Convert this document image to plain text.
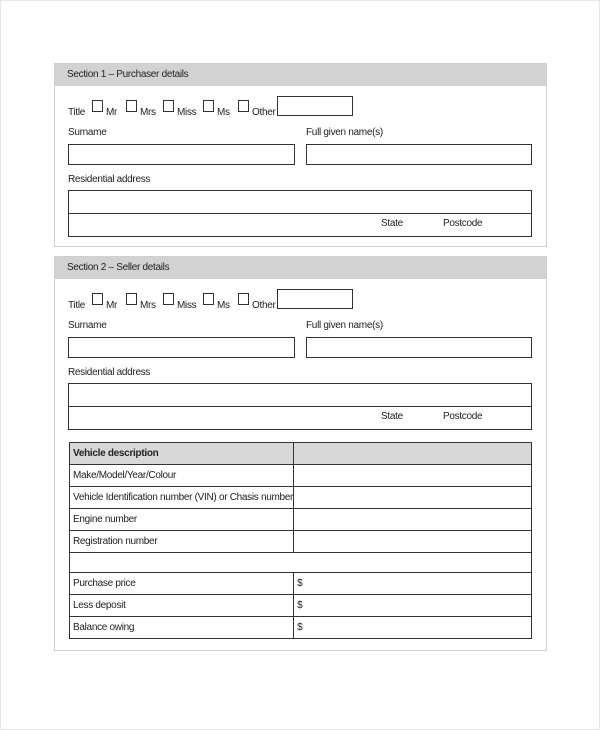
Section 1 – Purchaser details
Title Mr Mrs Miss Ms Other
Surname	Full given name(s)
Residential address
State	Postcode
Section 2 – Seller details
Title Mr Mrs Miss Ms Other
Surname	Full given name(s)
Residential address
State	Postcode
Vehicle description	
Make/Model/Year/Colour	
Vehicle Identification number (VIN) or Chasis number	
Engine number	
Registration number	

Purchase price	$
Less deposit	$
Balance owing	$
